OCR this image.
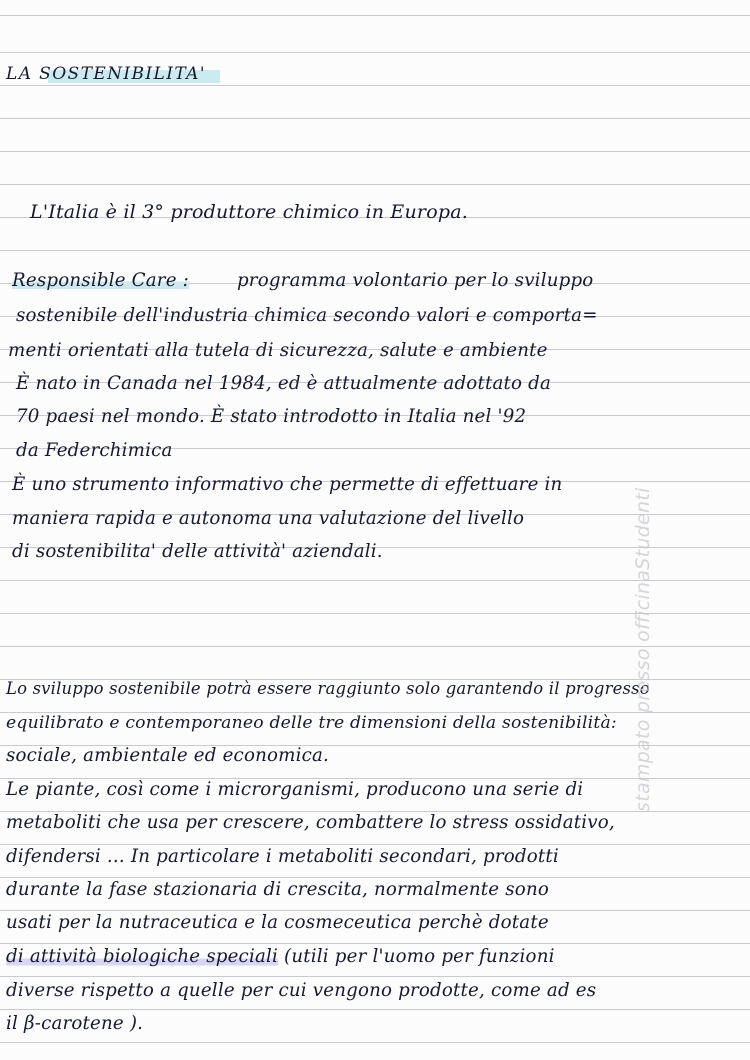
LA SOSTENIBILITA'
L'Italia è il 3° produttore chimico in Europa.
Responsible Care :	programma volontario per lo sviluppo
sostenibile dell'industria chimica secondo valori e comporta=
menti orientati alla tutela di sicurezza, salute e ambiente
È nato in Canada nel 1984, ed è attualmente adottato da
70 paesi nel mondo. È stato introdotto in Italia nel '92
da Federchimica
È uno strumento informativo che permette di effettuare in
maniera rapida e autonoma una valutazione del livello
di sostenibilita' delle attività' aziendali.
Lo sviluppo sostenibile potrà essere raggiunto solo garantendo il progresso
equilibrato e contemporaneo delle tre dimensioni della sostenibilità:
sociale, ambientale ed economica.
Le piante, così come i microrganismi, producono una serie di
metaboliti che usa per crescere, combattere lo stress ossidativo,
difendersi ... In particolare i metaboliti secondari, prodotti
durante la fase stazionaria di crescita, normalmente sono
usati per la nutraceutica e la cosmeceutica perchè dotate
di attività biologiche speciali (utili per l'uomo per funzioni
diverse rispetto a quelle per cui vengono prodotte, come ad es
il β-carotene ).
stampato presso officinaStudenti
